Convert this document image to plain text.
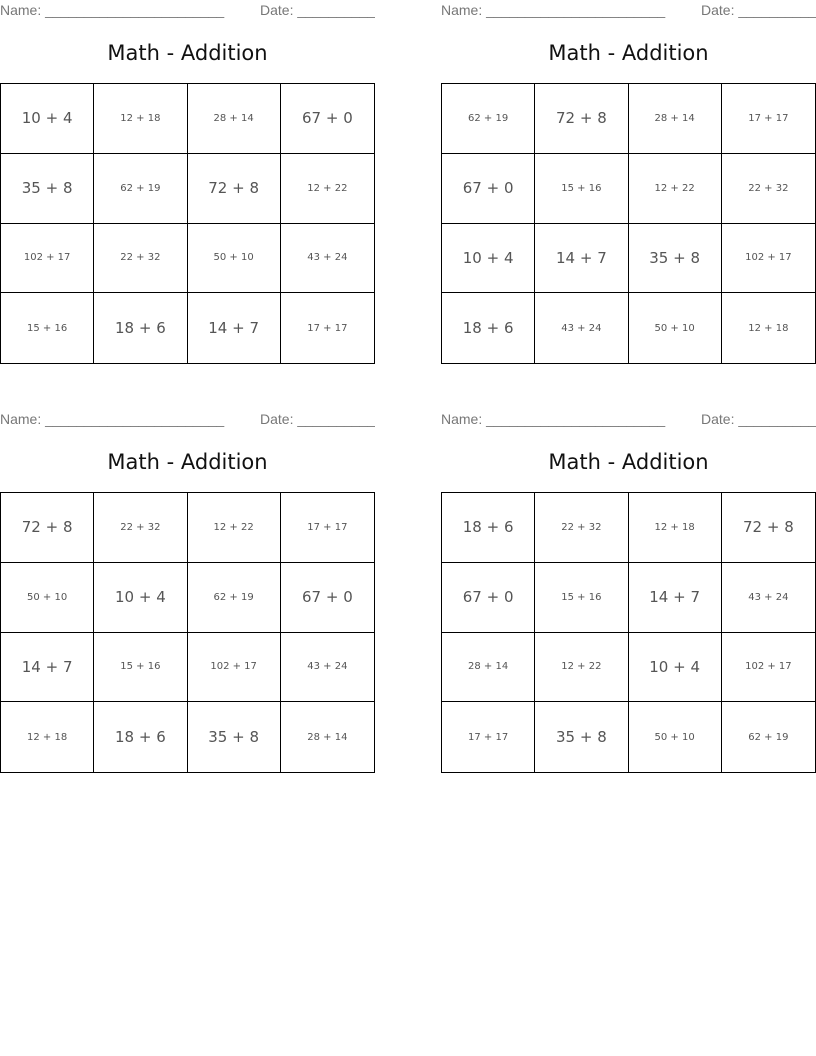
Name: _______________________	Date: __________
Math - Addition
10 + 4	12 + 18	28 + 14	67 + 0
35 + 8	62 + 19	72 + 8	12 + 22
102 + 17	22 + 32	50 + 10	43 + 24
15 + 16	18 + 6	14 + 7	17 + 17
Name: _______________________	Date: __________
Math - Addition
62 + 19	72 + 8	28 + 14	17 + 17
67 + 0	15 + 16	12 + 22	22 + 32
10 + 4	14 + 7	35 + 8	102 + 17
18 + 6	43 + 24	50 + 10	12 + 18
Name: _______________________	Date: __________
Math - Addition
72 + 8	22 + 32	12 + 22	17 + 17
50 + 10	10 + 4	62 + 19	67 + 0
14 + 7	15 + 16	102 + 17	43 + 24
12 + 18	18 + 6	35 + 8	28 + 14
Name: _______________________	Date: __________
Math - Addition
18 + 6	22 + 32	12 + 18	72 + 8
67 + 0	15 + 16	14 + 7	43 + 24
28 + 14	12 + 22	10 + 4	102 + 17
17 + 17	35 + 8	50 + 10	62 + 19
